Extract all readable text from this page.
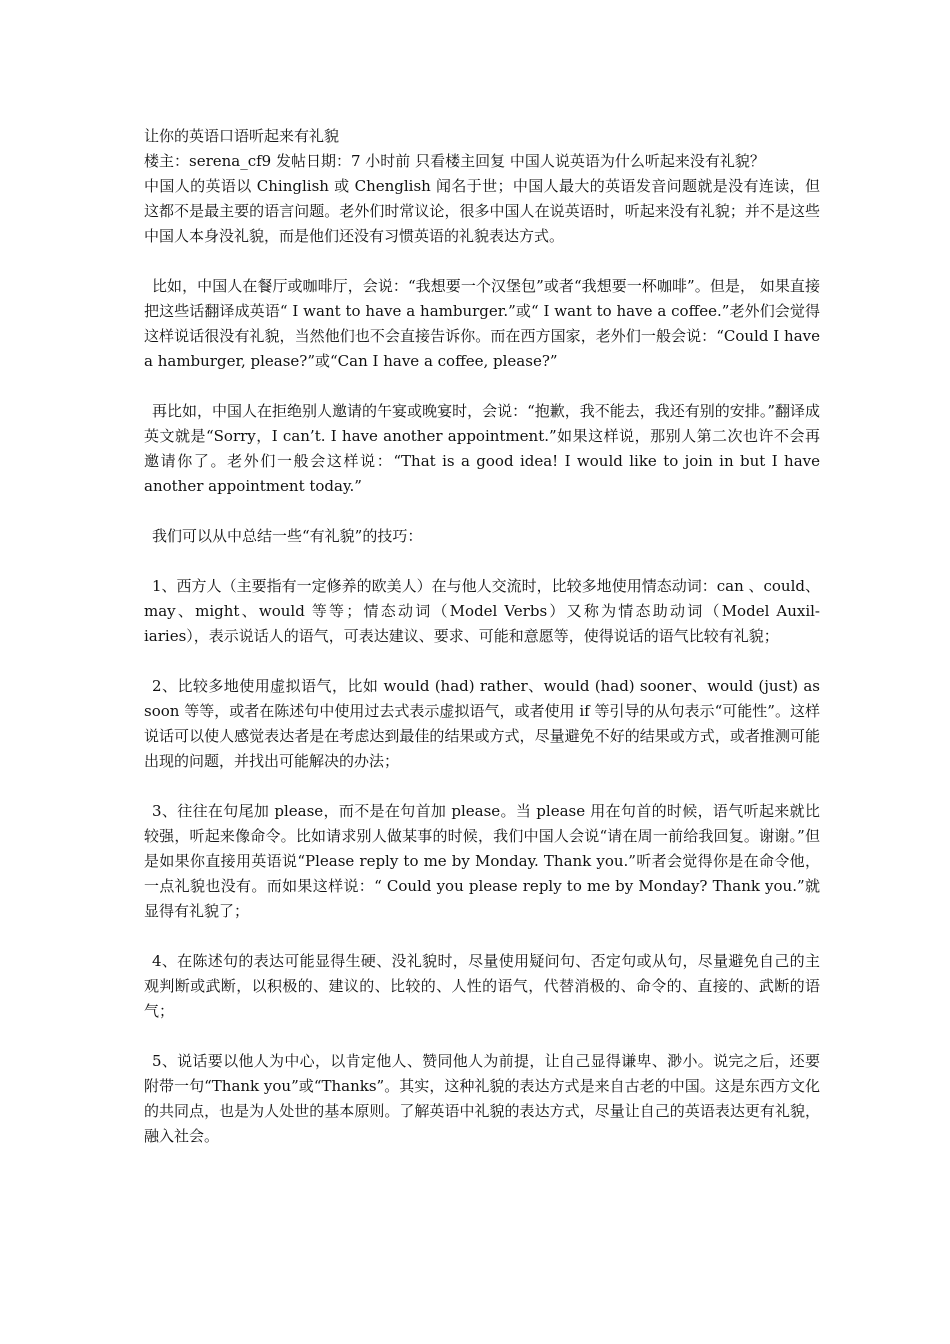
让你的英语口语听起来有礼貌

楼主：serena_cf9 发帖日期：7 小时前 只看楼主回复 中国人说英语为什么听起来没有礼貌？

中国人的英语以 Chinglish 或 Chenglish 闻名于世；中国人最大的英语发音问题就是没有连读，但这都不是最主要的语言问题。老外们时常议论，很多中国人在说英语时，听起来没有礼貌；并不是这些中国人本身没礼貌，而是他们还没有习惯英语的礼貌表达方式。

比如，中国人在餐厅或咖啡厅，会说：“我想要一个汉堡包”或者“我想要一杯咖啡”。但是， 如果直接把这些话翻译成英语“ I want to have a hamburger.”或“ I want to have a coffee.”老外们会觉得这样说话很没有礼貌，当然他们也不会直接告诉你。而在西方国家，老外们一般会说：“Could I have a hamburger, please?”或“Can I have a coffee, please?”

再比如，中国人在拒绝别人邀请的午宴或晚宴时，会说：“抱歉，我不能去，我还有别的安排。”翻译成英文就是“Sorry，I can’t. I have another appointment.”如果这样说，那别人第二次也许不会再邀请你了。老外们一般会这样说：“That is a good idea! I would like to join in but I have another appointment today.”

我们可以从中总结一些“有礼貌”的技巧：

1、西方人（主要指有一定修养的欧美人）在与他人交流时，比较多地使用情态动词：can 、could、may、might、would 等等；情态动词（Model Verbs）又称为情态助动词（Model Auxil-iaries），表示说话人的语气，可表达建议、要求、可能和意愿等，使得说话的语气比较有礼貌；

2、比较多地使用虚拟语气，比如 would (had) rather、would (had) sooner、would (just) as soon 等等，或者在陈述句中使用过去式表示虚拟语气，或者使用 if 等引导的从句表示“可能性”。这样说话可以使人感觉表达者是在考虑达到最佳的结果或方式，尽量避免不好的结果或方式，或者推测可能出现的问题，并找出可能解决的办法；

3、往往在句尾加 please，而不是在句首加 please。当 please 用在句首的时候，语气听起来就比较强，听起来像命令。比如请求别人做某事的时候，我们中国人会说“请在周一前给我回复。谢谢。”但是如果你直接用英语说“Please reply to me by Monday. Thank you.”听者会觉得你是在命令他，一点礼貌也没有。而如果这样说：“ Could you please reply to me by Monday? Thank you.”就显得有礼貌了；

4、在陈述句的表达可能显得生硬、没礼貌时，尽量使用疑问句、否定句或从句，尽量避免自己的主观判断或武断，以积极的、建议的、比较的、人性的语气，代替消极的、命令的、直接的、武断的语气；

5、说话要以他人为中心，以肯定他人、赞同他人为前提，让自己显得谦卑、渺小。说完之后，还要附带一句“Thank you”或“Thanks”。其实，这种礼貌的表达方式是来自古老的中国。这是东西方文化的共同点，也是为人处世的基本原则。了解英语中礼貌的表达方式，尽量让自己的英语表达更有礼貌，融入社会。
